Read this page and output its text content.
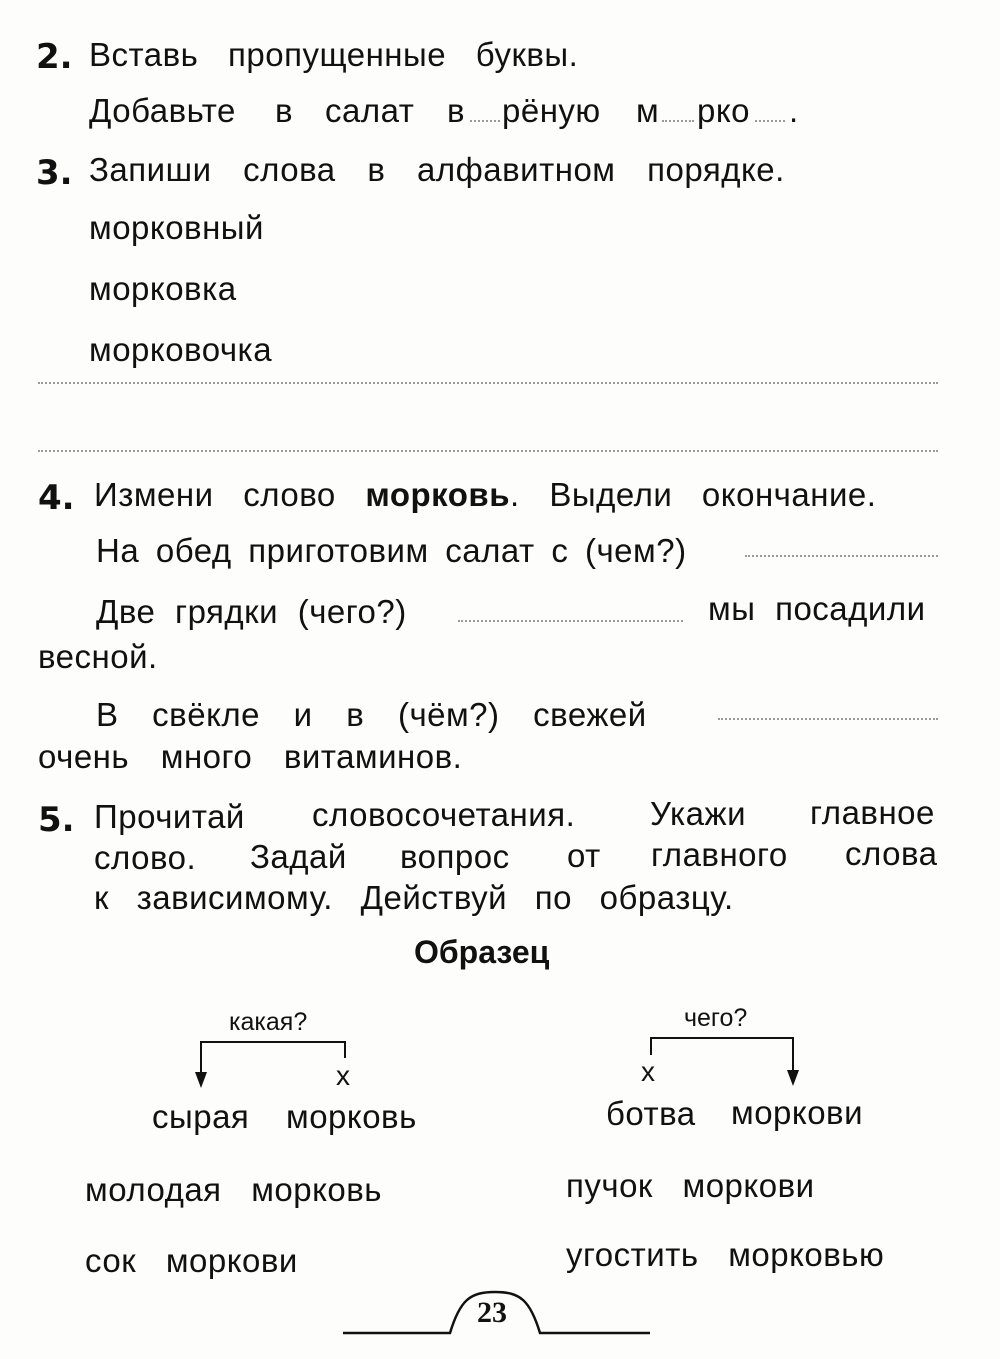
2. Вставь пропущенные буквы.
Добавьте в салат в рёную м рко .
3. Запиши слова в алфавитном порядке.
морковный
морковка
морковочка
4. Измени слово морковь. Выдели окончание.
На обед приготовим салат с (чем?)
Две грядки (чего?)	мы посадили
весной.
В свёкле и в (чём?) свежей
очень много витаминов.
5. Прочитай словосочетания. Укажи главное
слово. Задай вопрос от главного слова
к зависимому. Действуй по образцу.
Образец
какая?
x
сырая морковь
чего?
x
ботва моркови
молодая морковь
сок моркови
пучок моркови
угостить морковью
23
